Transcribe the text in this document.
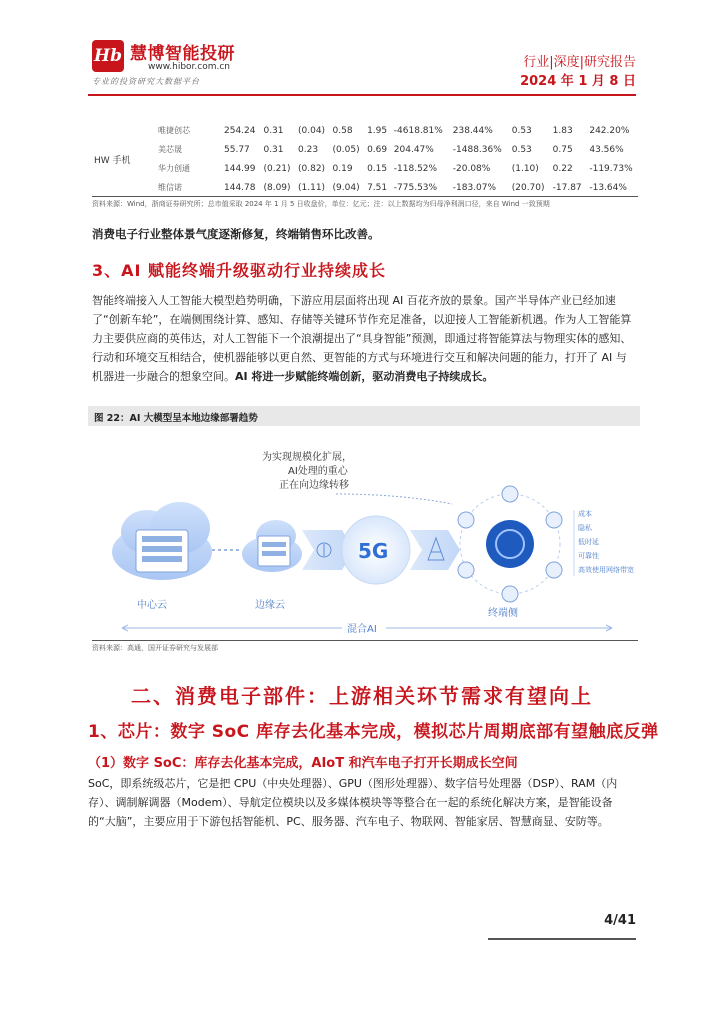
Hb 慧博智能投研
www.hibor.com.cn
专业的投资研究大数据平台
行业|深度|研究报告
2024 年 1 月 8 日
HW 手机	唯捷创芯	254.24	0.31	(0.04)	0.58	1.95	-4618.81%	238.44%	0.53	1.83	242.20%
	美芯晟	55.77	0.31	0.23	(0.05)	0.69	204.47%	-1488.36%	0.53	0.75	43.56%
	华力创通	144.99	(0.21)	(0.82)	0.19	0.15	-118.52%	-20.08%	(1.10)	0.22	-119.73%
	维信诺	144.78	(8.09)	(1.11)	(9.04)	7.51	-775.53%	-183.07%	(20.70)	-17.87	-13.64%
资料来源：Wind，浙商证券研究所；总市值采取 2024 年 1 月 5 日收盘价，单位：亿元；注：以上数据均为归母净利润口径，来自 Wind 一致预期
消费电子行业整体景气度逐渐修复，终端销售环比改善。
3、AI 赋能终端升级驱动行业持续成长
智能终端接入人工智能大模型趋势明确，下游应用层面将出现 AI 百花齐放的景象。国产半导体产业已经加速了“创新车轮”，在端侧围绕计算、感知、存储等关键环节作充足准备，以迎接人工智能新机遇。作为人工智能算力主要供应商的英伟达，对人工智能下一个浪潮提出了“具身智能”预测，即通过将智能算法与物理实体的感知、行动和环境交互相结合，使机器能够以更自然、更智能的方式与环境进行交互和解决问题的能力，打开了 AI 与机器进一步融合的想象空间。AI 将进一步赋能终端创新，驱动消费电子持续成长。
图 22：AI 大模型呈本地边缘部署趋势
为实现规模化扩展，
AI处理的重心
正在向边缘转移
中心云	边缘云
5G
终端侧
成本
隐私
低时延
可靠性
高效使用网络带宽
混合AI
资料来源：高通，国开证券研究与发展部
二、消费电子部件：上游相关环节需求有望向上
1、芯片：数字 SoC 库存去化基本完成，模拟芯片周期底部有望触底反弹
（1）数字 SoC：库存去化基本完成，AIoT 和汽车电子打开长期成长空间
SoC，即系统级芯片，它是把 CPU（中央处理器）、GPU（图形处理器）、数字信号处理器（DSP）、RAM（内存）、调制解调器（Modem）、导航定位模块以及多媒体模块等等整合在一起的系统化解决方案，是智能设备的“大脑”，主要应用于下游包括智能机、PC、服务器、汽车电子、物联网、智能家居、智慧商显、安防等。
4/41
